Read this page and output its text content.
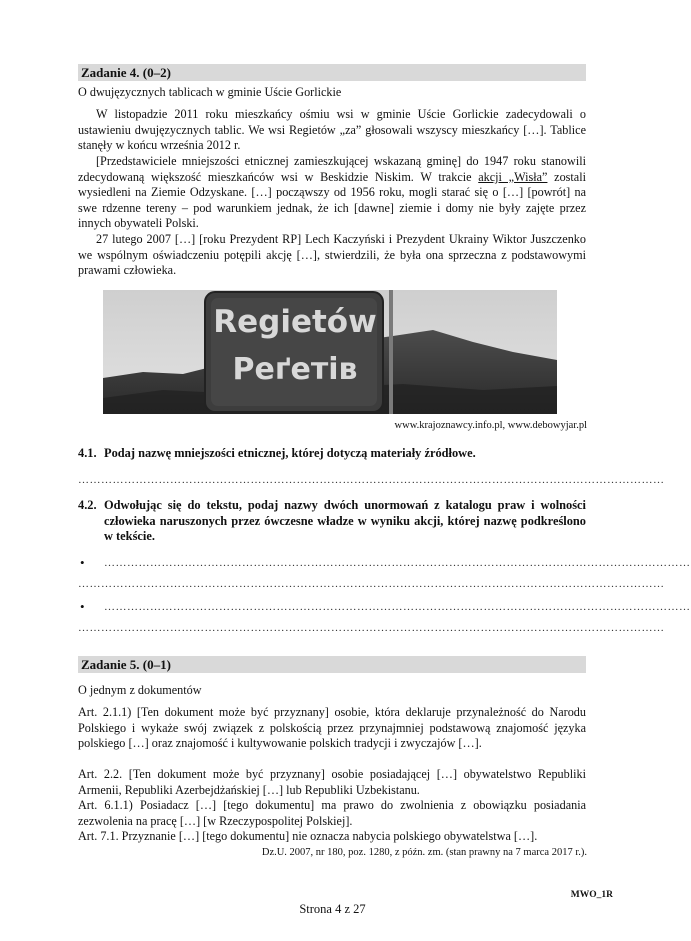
Zadanie 4. (0–2)
O dwujęzycznych tablicach w gminie Uście Gorlickie
W listopadzie 2011 roku mieszkańcy ośmiu wsi w gminie Uście Gorlickie zadecydowali o ustawieniu dwujęzycznych tablic. We wsi Regietów „za” głosowali wszyscy mieszkańcy […]. Tablice stanęły w końcu września 2012 r.
[Przedstawiciele mniejszości etnicznej zamieszkującej wskazaną gminę] do 1947 roku stanowili zdecydowaną większość mieszkańców wsi w Beskidzie Niskim. W trakcie akcji „Wisła” zostali wysiedleni na Ziemie Odzyskane. […] począwszy od 1956 roku, mogli starać się o […] [powrót] na swe rdzenne tereny – pod warunkiem jednak, że ich [dawne] ziemie i domy nie były zajęte przez innych obywateli Polski.
27 lutego 2007 […] [roku Prezydent RP] Lech Kaczyński i Prezydent Ukrainy Wiktor Juszczenko we wspólnym oświadczeniu potępili akcję […], stwierdzili, że była ona sprzeczna z podstawowymi prawami człowieka.
Regietów
Реґетів
www.krajoznawcy.info.pl, www.debowyjar.pl
4.1. Podaj nazwę mniejszości etnicznej, której dotyczą materiały źródłowe.
………………………………………………………………………………………………………………………………………
4.2. Odwołując się do tekstu, podaj nazwy dwóch unormowań z katalogu praw i wolności człowieka naruszonych przez ówczesne władze w wyniku akcji, której nazwę podkreślono w tekście.
• ………………………………………………………………………………………………………………………………………
………………………………………………………………………………………………………………………………………
• ………………………………………………………………………………………………………………………………………
………………………………………………………………………………………………………………………………………
Zadanie 5. (0–1)
O jednym z dokumentów
Art. 2.1.1) [Ten dokument może być przyznany] osobie, która deklaruje przynależność do Narodu Polskiego i wykaże swój związek z polskością przez przynajmniej podstawową znajomość języka polskiego […] oraz znajomość i kultywowanie polskich tradycji i zwyczajów […].
Art. 2.2. [Ten dokument może być przyznany] osobie posiadającej […] obywatelstwo Republiki Armenii, Republiki Azerbejdżańskiej […] lub Republiki Uzbekistanu.
Art. 6.1.1) Posiadacz […] [tego dokumentu] ma prawo do zwolnienia z obowiązku posiadania zezwolenia na pracę […] [w Rzeczypospolitej Polskiej].
Art. 7.1. Przyznanie […] [tego dokumentu] nie oznacza nabycia polskiego obywatelstwa […].
Dz.U. 2007, nr 180, poz. 1280, z późn. zm. (stan prawny na 7 marca 2017 r.).
MWO_1R
Strona 4 z 27
